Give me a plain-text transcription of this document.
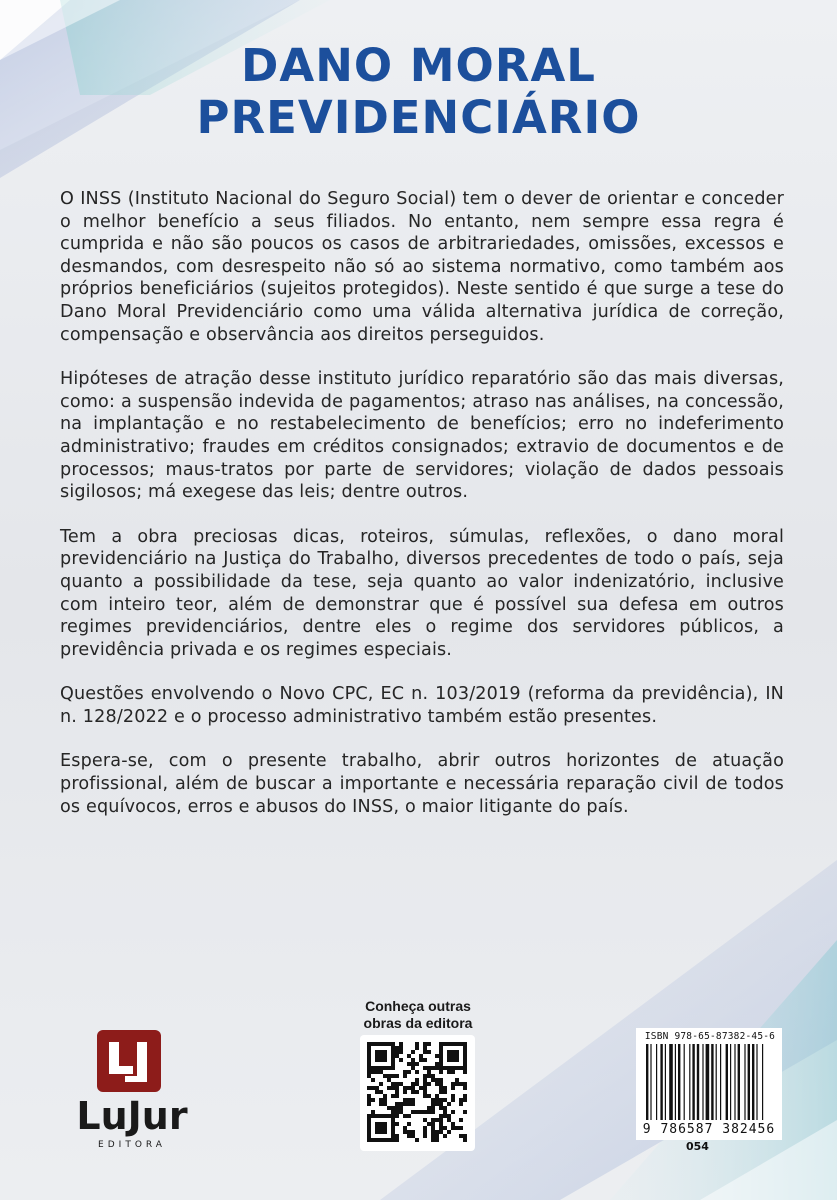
DANO MORAL
PREVIDENCIÁRIO

O INSS (Instituto Nacional do Seguro Social) tem o dever de orientar e conceder o melhor benefício a seus filiados. No entanto, nem sempre essa regra é cumprida e não são poucos os casos de arbitrariedades, omissões, excessos e desmandos, com desrespeito não só ao sistema normativo, como também aos próprios beneficiários (sujeitos protegidos). Neste sentido é que surge a tese do Dano Moral Previdenciário como uma válida alternativa jurídica de correção, compensação e observância aos direitos perseguidos.

Hipóteses de atração desse instituto jurídico reparatório são das mais diversas, como: a suspensão indevida de pagamentos; atraso nas análises, na concessão, na implantação e no restabelecimento de benefícios; erro no indeferimento administrativo; fraudes em créditos consignados; extravio de documentos e de processos; maus-tratos por parte de servidores; violação de dados pessoais sigilosos; má exegese das leis; dentre outros.

Tem a obra preciosas dicas, roteiros, súmulas, reflexões, o dano moral previdenciário na Justiça do Trabalho, diversos precedentes de todo o país, seja quanto a possibilidade da tese, seja quanto ao valor indenizatório, inclusive com inteiro teor, além de demonstrar que é possível sua defesa em outros regimes previdenciários, dentre eles o regime dos servidores públicos, a previdência privada e os regimes especiais.

Questões envolvendo o Novo CPC, EC n. 103/2019 (reforma da previdência), IN n. 128/2022 e o processo administrativo também estão presentes.

Espera-se, com o presente trabalho, abrir outros horizontes de atuação profissional, além de buscar a importante e necessária reparação civil de todos os equívocos, erros e abusos do INSS, o maior litigante do país.

LuJur
EDITORA
Conheça outras
obras da editora
ISBN 978-65-87382-45-6
9 786587 382456
054
